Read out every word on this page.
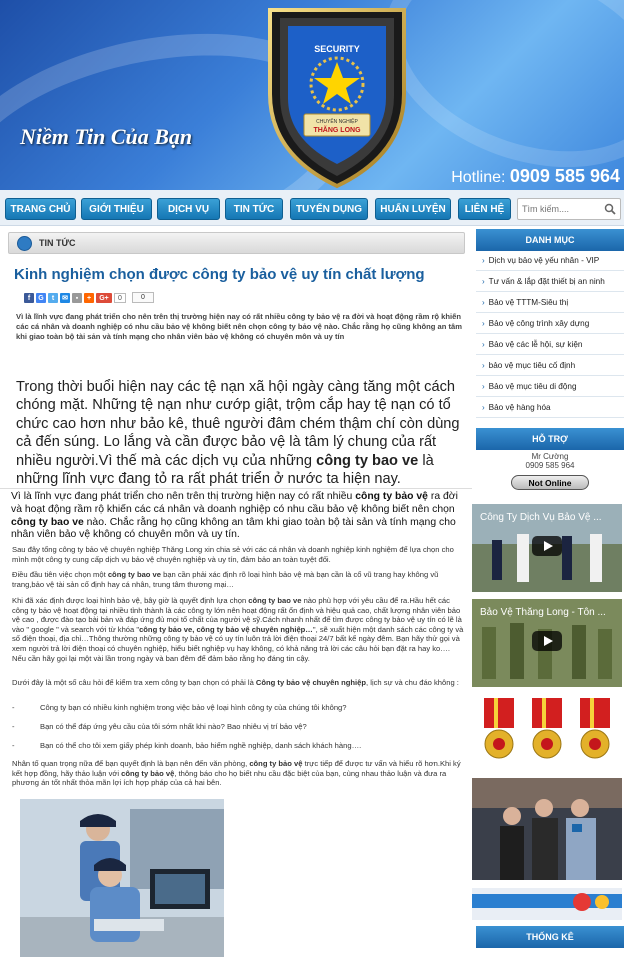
SECURITY
CHUYÊN NGHIỆP
THĂNG LONG
Niềm Tin Của Bạn
Hotline: 0909 585 964
TRANG CHỦ	GIỚI THIỆU	DỊCH VỤ	TIN TỨC	TUYỂN DỤNG	HUẤN LUYỆN	LIÊN HỆ
Tìm kiếm....
TIN TỨC
Kinh nghiệm chọn được công ty bảo vệ uy tín chất lượng
f	G	t	✉	▪	+	G+	0	0
Vì là lĩnh vực đang phát triển cho nên trên thị trường hiện nay có rất nhiều công ty bảo vệ ra đời và hoạt động rầm rộ khiến các cá nhân và doanh nghiệp có nhu cầu bảo vệ không biết nên chọn công ty bảo vệ nào. Chắc rằng họ cũng không an tâm khi giao toàn bộ tài sản và tính mạng cho nhân viên bảo vệ không có chuyên môn và uy tín
Trong thời buổi hiện nay các tệ nạn xã hội ngày càng tăng một cách chóng mặt. Những tệ nạn như cướp giật, trộm cắp hay tệ nạn có tổ chức cao hơn như bảo kê, thuê người đâm chém thậm chí còn dùng cả đến súng. Lo lắng và cần được bảo vệ là tâm lý chung của rất nhiều người.Vì thế mà các dịch vụ của những công ty bao ve là những lĩnh vực đang tỏ ra rất phát triển ở nước ta hiện nay.
Vì là lĩnh vực đang phát triển cho nên trên thị trường hiện nay có rất nhiều công ty bảo vệ ra đời và hoạt động rầm rộ khiến các cá nhân và doanh nghiệp có nhu cầu bảo vệ không biết nên chọn công ty bao ve nào. Chắc rằng họ cũng không an tâm khi giao toàn bộ tài sản và tính mạng cho nhân viên bảo vệ không có chuyên môn và uy tín.
Sau đây tổng công ty bảo vệ chuyên nghiệp Thăng Long xin chia sẻ với các cá nhân và doanh nghiệp kinh nghiệm để lựa chọn cho mình một công ty cung cấp dịch vụ bảo vệ chuyên nghiệp và uy tín, đảm bảo an toàn tuyệt đối.
Điều đầu tiên việc chọn một công ty bao ve bạn cần phải xác định rõ loại hình bảo vệ mà bạn cần là cổ vũ trang hay không vũ trang,bảo vệ tài sản cố định hay cá nhân, trung tâm thương mại…
Khi đã xác định được loại hình bảo vệ, bây giờ là quyết định lựa chọn công ty bao ve nào phù hợp với yêu cầu để ra.Hầu hết các công ty bảo vệ hoạt động tại nhiều tỉnh thành là các công ty lớn nên hoạt động rất ổn định và hiệu quả cao, chất lượng nhân viên bảo vệ cao , được đào tạo bài bản và đáp ứng đủ mọi tố chất của người vệ sỹ.Cách nhanh nhất để tìm được công ty bảo vệ uy tín có lẽ là vào " google " và search với từ khóa "công ty bảo ve, công ty bảo vệ chuyên nghiệp…", sẽ xuất hiện một danh sách các công ty và số điện thoại, địa chỉ…Thông thường những công ty bảo vệ có uy tín luôn trả lời điện thoại 24/7 bất kể ngày đêm. Bạn hãy thử gọi và xem người trả lời điện thoại có chuyên nghiệp, hiểu biết nghiệp vụ hay không, có khả năng trả lời các câu hỏi bạn đặt ra hay ko…. Nếu cần hãy gọi lại một vài lần trong ngày và ban đêm để đảm bảo rằng họ đáng tin cậy.
Dưới đây là một số câu hỏi để kiểm tra xem công ty bạn chọn có phải là Công ty bảo vệ chuyên nghiệp, lịch sự và chu đáo không :
-	Công ty bạn có nhiều kinh nghiệm trong việc bảo vệ loại hình công ty của chúng tôi không?
-	Bạn có thể đáp ứng yêu cầu của tôi sớm nhất khi nào? Bao nhiêu vị trí bảo vệ?
-	Bạn có thể cho tôi xem giấy phép kinh doanh, bảo hiểm nghề nghiệp, danh sách khách hàng….
Nhân tố quan trọng nữa để bạn quyết định là bạn nên đến văn phòng, công ty bảo vệ trực tiếp để được tư vấn và hiểu rõ hơn.Khi ký kết hợp đồng, hãy thảo luận với công ty bảo vệ, thông báo cho họ biết nhu cầu đặc biệt của bạn, cùng nhau thảo luận và đưa ra phương án tốt nhất thỏa mãn lợi ích hợp pháp của cả hai bên.
DANH MỤC
› Dịch vụ bảo vệ yếu nhân - VIP
› Tư vấn & lắp đặt thiết bị an ninh
› Bảo vệ TTTM-Siêu thị
› Bảo vệ công trình xây dựng
› Bảo vệ các lễ hội, sự kiện
› bảo vệ mục tiêu cố định
› Bảo vệ mục tiêu di động
› Bảo vệ hàng hóa
HỖ TRỢ
Mr Cường
0909 585 964
Not Online
Công Ty Dịch Vụ Bảo Vệ ...
Bảo Vệ Thăng Long - Tôn ...
THỐNG KÊ
